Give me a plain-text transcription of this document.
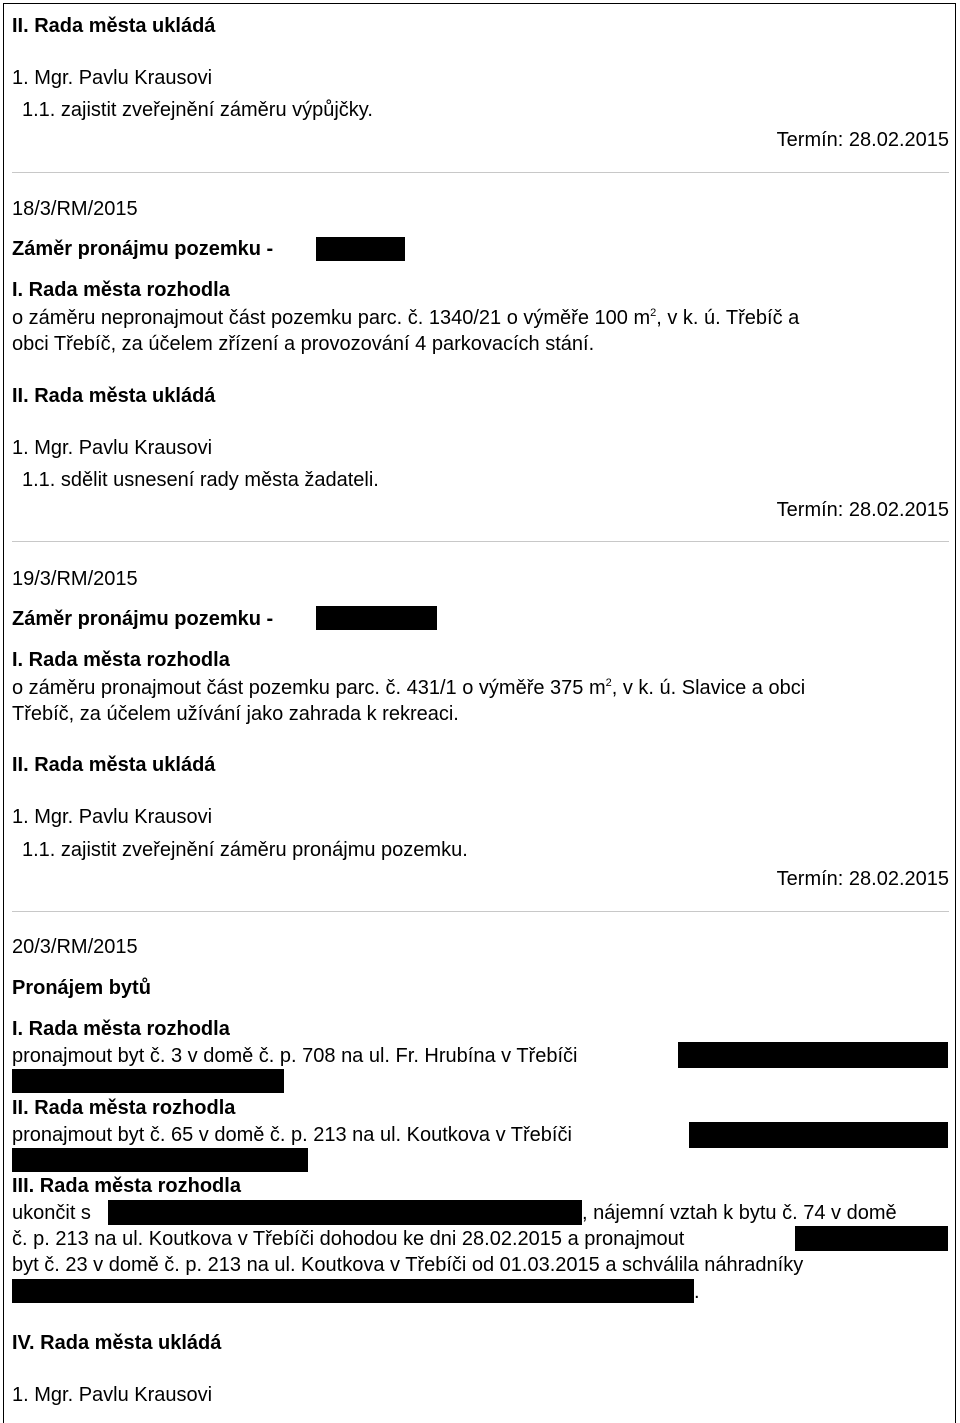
II. Rada města ukládá
1. Mgr. Pavlu Krausovi
1.1. zajistit zveřejnění záměru výpůjčky.
Termín: 28.02.2015
18/3/RM/2015
Záměr pronájmu pozemku -
I. Rada města rozhodla
o záměru nepronajmout část pozemku parc. č. 1340/21 o výměře 100 $m^2$, v k. ú. Třebíč a
obci Třebíč, za účelem zřízení a provozování 4 parkovacích stání.
II. Rada města ukládá
1. Mgr. Pavlu Krausovi
1.1. sdělit usnesení rady města žadateli.
Termín: 28.02.2015
19/3/RM/2015
Záměr pronájmu pozemku -
I. Rada města rozhodla
o záměru pronajmout část pozemku parc. č. 431/1 o výměře 375 $m^2$, v k. ú. Slavice a obci
Třebíč, za účelem užívání jako zahrada k rekreaci.
II. Rada města ukládá
1. Mgr. Pavlu Krausovi
1.1. zajistit zveřejnění záměru pronájmu pozemku.
Termín: 28.02.2015
20/3/RM/2015
Pronájem bytů
I. Rada města rozhodla
pronajmout byt č. 3 v domě č. p. 708 na ul. Fr. Hrubína v Třebíči
II. Rada města rozhodla
pronajmout byt č. 65 v domě č. p. 213 na ul. Koutkova v Třebíči
III. Rada města rozhodla
ukončit s	, nájemní vztah k bytu č. 74 v domě
č. p. 213 na ul. Koutkova v Třebíči dohodou ke dni 28.02.2015 a pronajmout
byt č. 23 v domě č. p. 213 na ul. Koutkova v Třebíči od 01.03.2015 a schválila náhradníky
.
IV. Rada města ukládá
1. Mgr. Pavlu Krausovi
